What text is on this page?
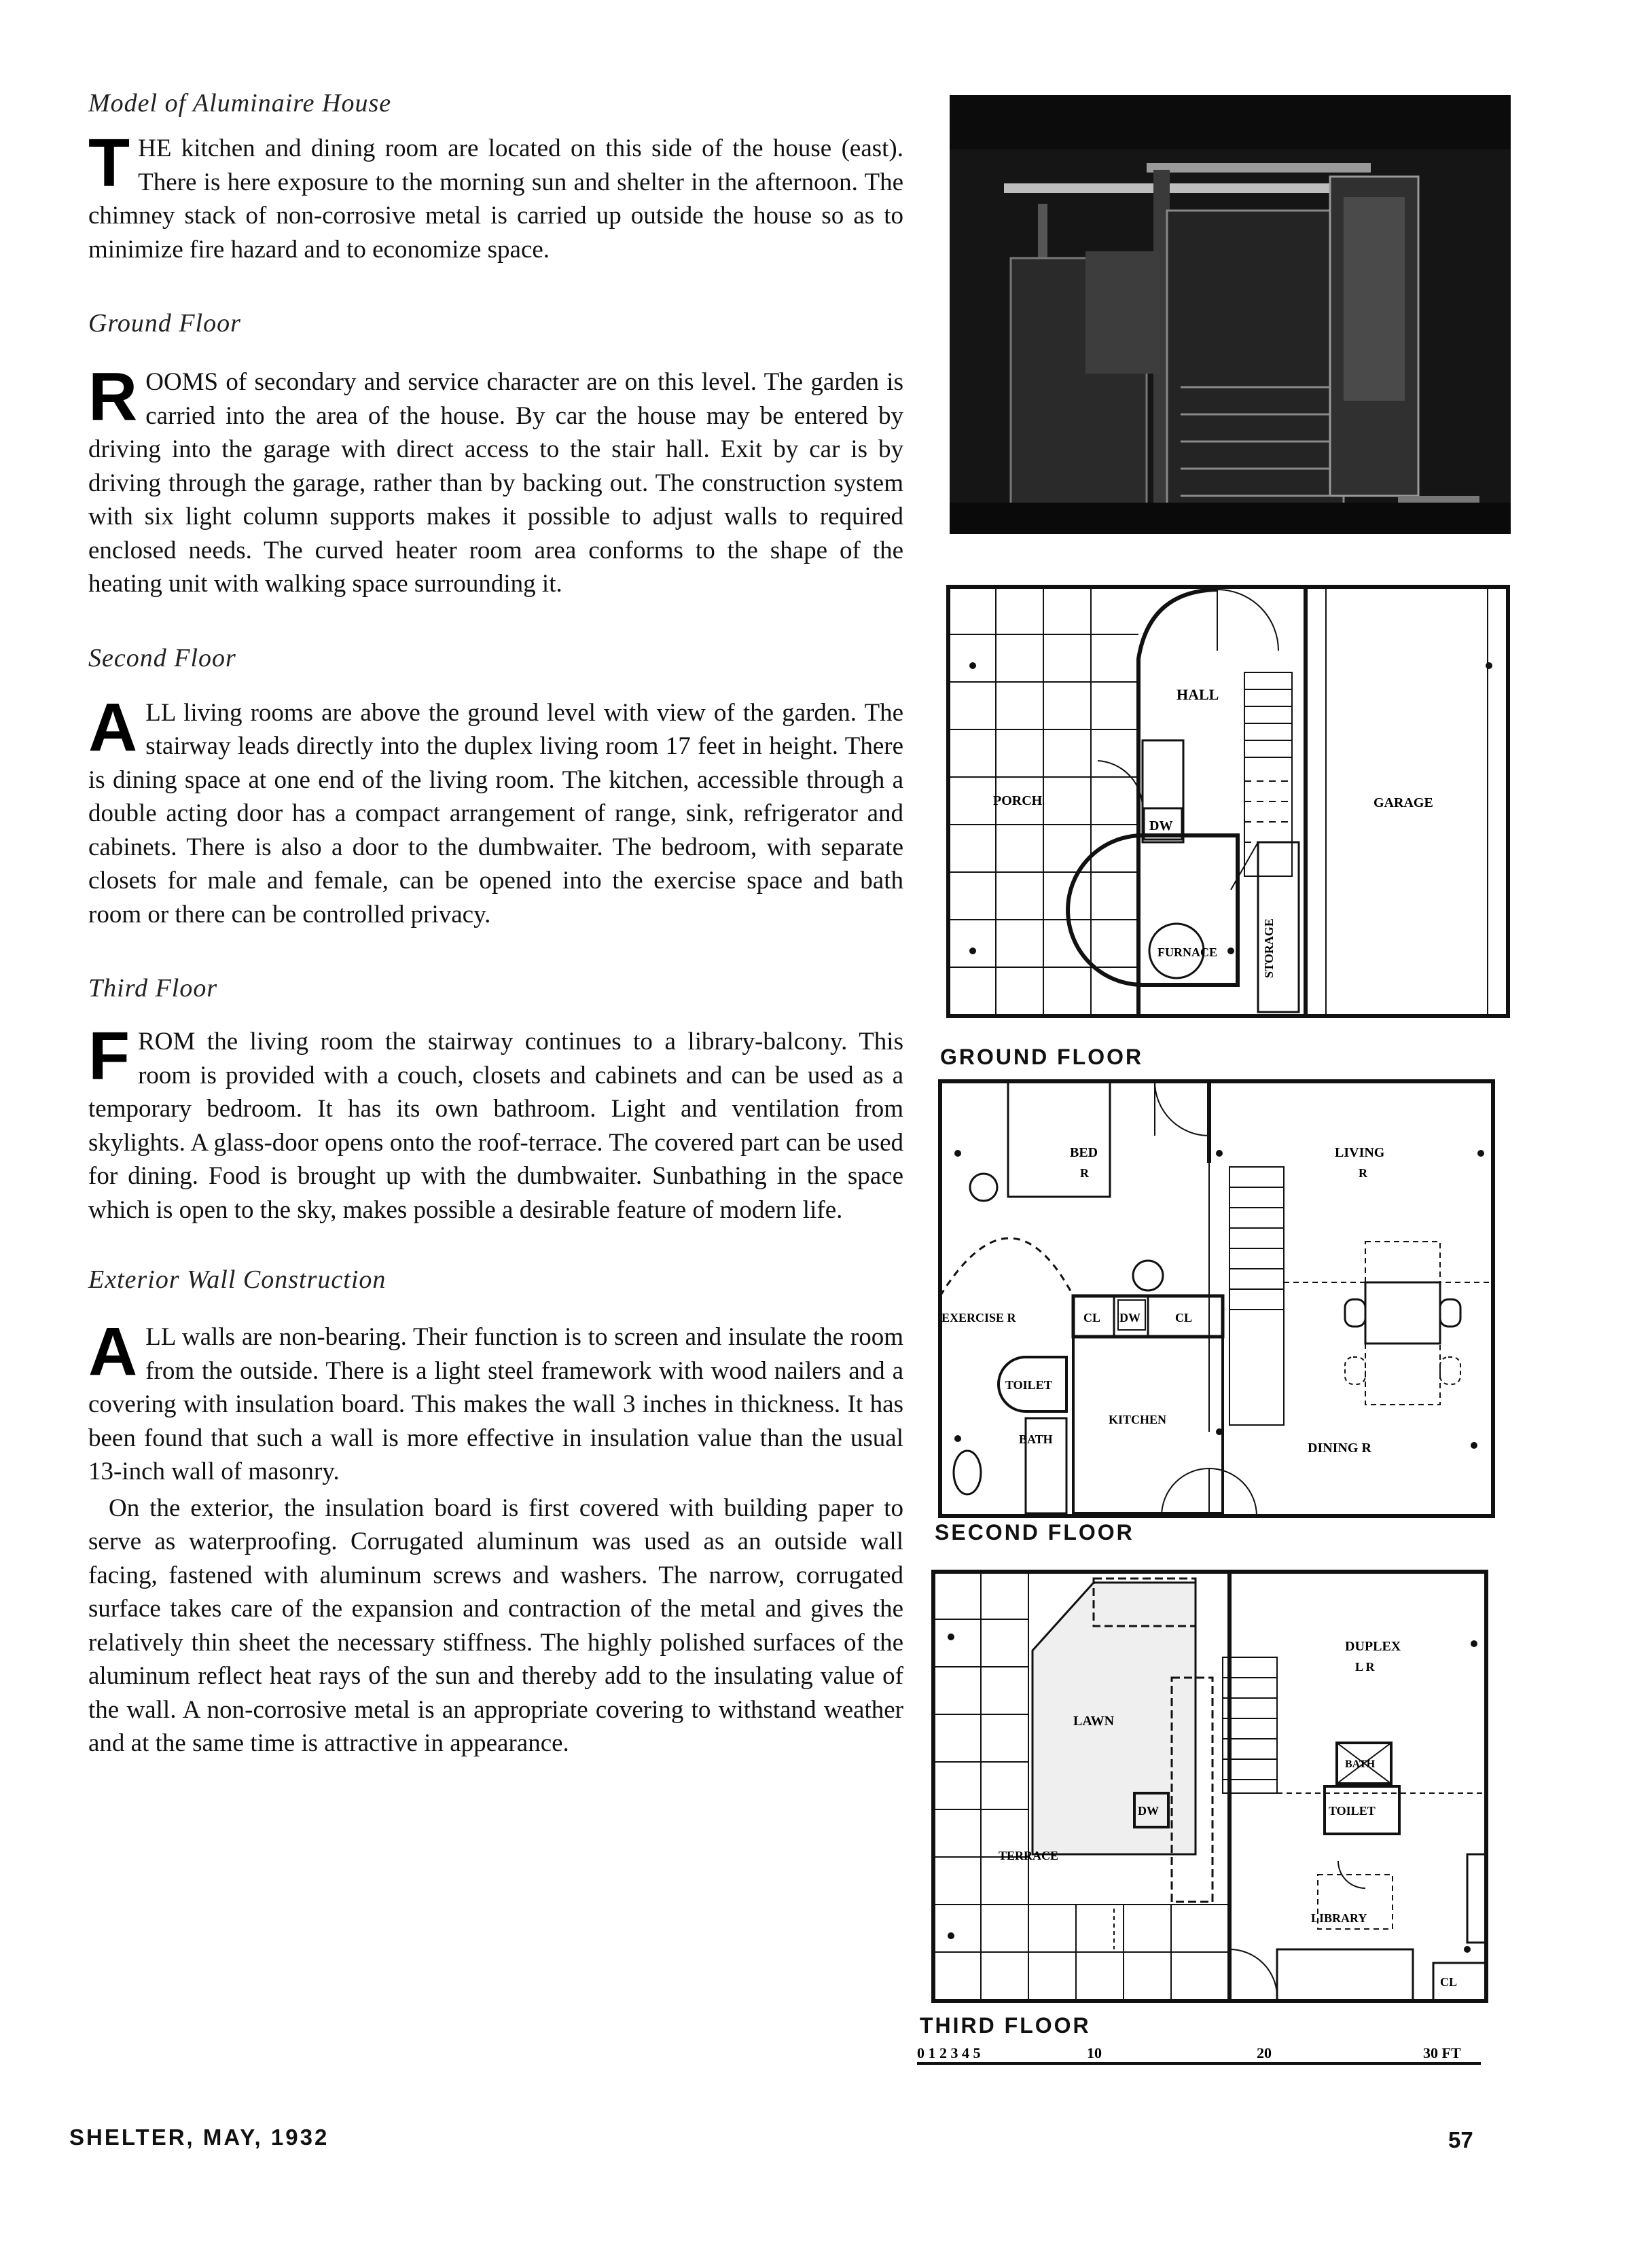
Model of Aluminaire House

T HE kitchen and dining room are located on this side of the house (east). There is here exposure to the morning sun and shelter in the afternoon. The chimney stack of non-corrosive metal is carried up outside the house so as to minimize fire hazard and to economize space.

Ground Floor

R OOMS of secondary and service character are on this level. The garden is carried into the area of the house. By car the house may be entered by driving into the garage with direct access to the stair hall. Exit by car is by driving through the garage, rather than by backing out. The construction system with six light column supports makes it possible to adjust walls to required enclosed needs. The curved heater room area conforms to the shape of the heating unit with walking space surrounding it.

Second Floor

A LL living rooms are above the ground level with view of the garden. The stairway leads directly into the duplex living room 17 feet in height. There is dining space at one end of the living room. The kitchen, accessible through a double acting door has a compact arrangement of range, sink, refrigerator and cabinets. There is also a door to the dumbwaiter. The bedroom, with separate closets for male and female, can be opened into the exercise space and bath room or there can be controlled privacy.

Third Floor

F ROM the living room the stairway continues to a library-balcony. This room is provided with a couch, closets and cabinets and can be used as a temporary bedroom. It has its own bathroom. Light and ventilation from skylights. A glass-door opens onto the roof-terrace. The covered part can be used for dining. Food is brought up with the dumbwaiter. Sunbathing in the space which is open to the sky, makes possible a desirable feature of modern life.

Exterior Wall Construction

A LL walls are non-bearing. Their function is to screen and insulate the room from the outside. There is a light steel framework with wood nailers and a covering with insulation board. This makes the wall 3 inches in thickness. It has been found that such a wall is more effective in insulation value than the usual 13-inch wall of masonry.

On the exterior, the insulation board is first covered with building paper to serve as waterproofing. Corrugated aluminum was used as an outside wall facing, fastened with aluminum screws and washers. The narrow, corrugated surface takes care of the expansion and contraction of the metal and gives the relatively thin sheet the necessary stiffness. The highly polished surfaces of the aluminum reflect heat rays of the sun and thereby add to the insulating value of the wall. A non-corrosive metal is an appropriate covering to withstand weather and at the same time is attractive in appearance.

HALL
PORCH
DW
GARAGE
FURNACE	STORAGE
GROUND FLOOR
BED
R
LIVING
R
EXERCISE R	CL DW	CL
TOILET
BATH
KITCHEN
DINING R
SECOND FLOOR
DUPLEX
L R
LAWN
DW
BATH
TOILET
TERRACE
LIBRARY
CL
THIRD FLOOR
0 1 2 3 4 5	10	20	30 FT
SHELTER, MAY, 1932	57
